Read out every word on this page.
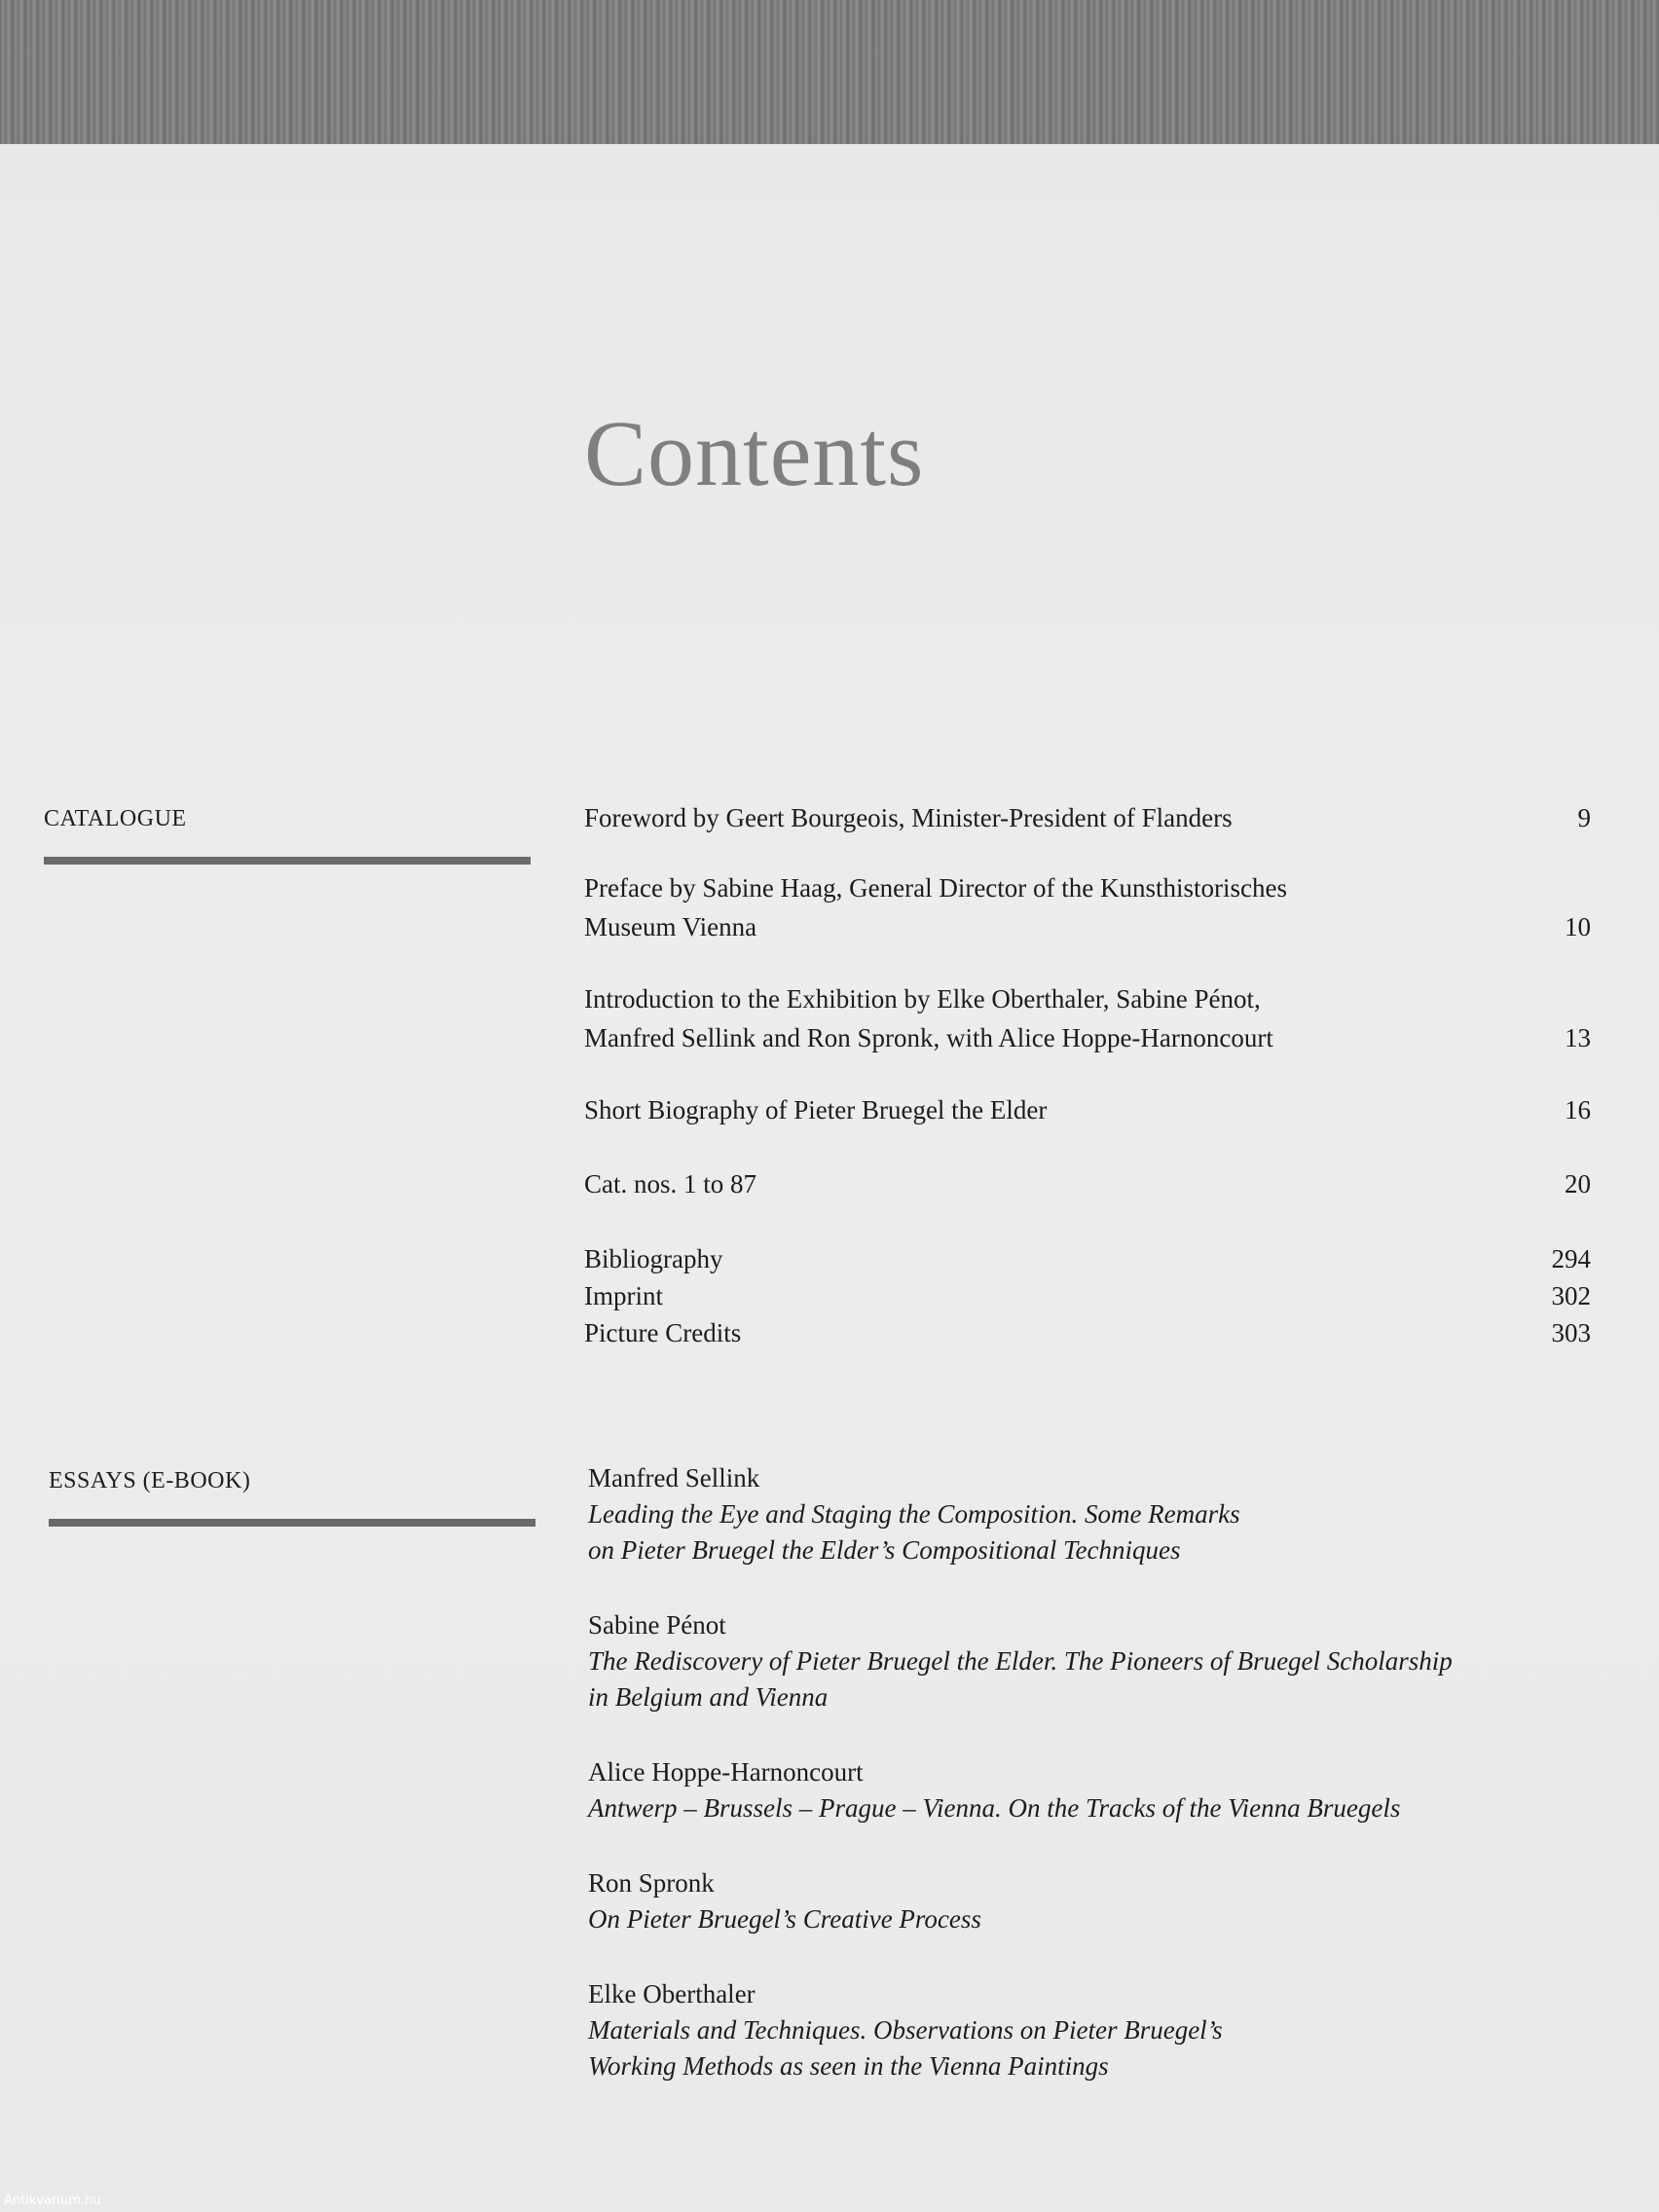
Contents
CATALOGUE	Foreword by Geert Bourgeois, Minister-President of Flanders	9
Preface by Sabine Haag, General Director of the Kunsthistorisches
Museum Vienna	10
Introduction to the Exhibition by Elke Oberthaler, Sabine Pénot,
Manfred Sellink and Ron Spronk, with Alice Hoppe-Harnoncourt	13
Short Biography of Pieter Bruegel the Elder	16
Cat. nos. 1 to 87	20
Bibliography	294
Imprint	302
Picture Credits	303
ESSAYS (E-BOOK)	Manfred Sellink
Leading the Eye and Staging the Composition. Some Remarks
on Pieter Bruegel the Elder’s Compositional Techniques
Sabine Pénot
The Rediscovery of Pieter Bruegel the Elder. The Pioneers of Bruegel Scholarship
in Belgium and Vienna
Alice Hoppe-Harnoncourt
Antwerp – Brussels – Prague – Vienna. On the Tracks of the Vienna Bruegels
Ron Spronk
On Pieter Bruegel’s Creative Process
Elke Oberthaler
Materials and Techniques. Observations on Pieter Bruegel’s
Working Methods as seen in the Vienna Paintings
Antikvarium.hu
